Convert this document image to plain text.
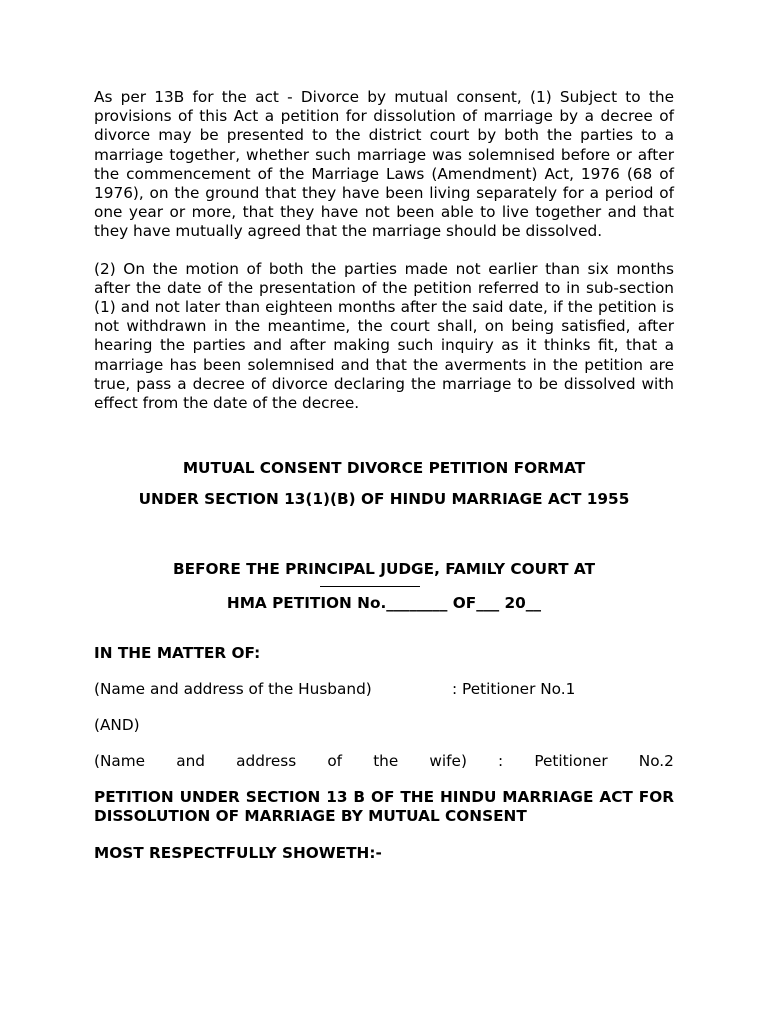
As per 13B for the act - Divorce by mutual consent, (1) Subject to the provisions of this Act a petition for dissolution of marriage by a decree of divorce may be presented to the district court by both the parties to a marriage together, whether such marriage was solemnised before or after the commencement of the Marriage Laws (Amendment) Act, 1976 (68 of 1976), on the ground that they have been living separately for a period of one year or more, that they have not been able to live together and that they have mutually agreed that the marriage should be dissolved.

(2) On the motion of both the parties made not earlier than six months after the date of the presentation of the petition referred to in sub-section (1) and not later than eighteen months after the said date, if the petition is not withdrawn in the meantime, the court shall, on being satisfied, after hearing the parties and after making such inquiry as it thinks fit, that a marriage has been solemnised and that the averments in the petition are true, pass a decree of divorce declaring the marriage to be dissolved with effect from the date of the decree.

MUTUAL CONSENT DIVORCE PETITION FORMAT

UNDER SECTION 13(1)(B) OF HINDU MARRIAGE ACT 1955

BEFORE THE PRINCIPAL JUDGE, FAMILY COURT AT

HMA PETITION No.________ OF___ 20__

IN THE MATTER OF:

(Name and address of the Husband)	: Petitioner No.1
(AND)
(Name and address of the wife) : Petitioner No.2

PETITION UNDER SECTION 13 B OF THE HINDU MARRIAGE ACT FOR DISSOLUTION OF MARRIAGE BY MUTUAL CONSENT

MOST RESPECTFULLY SHOWETH:-
